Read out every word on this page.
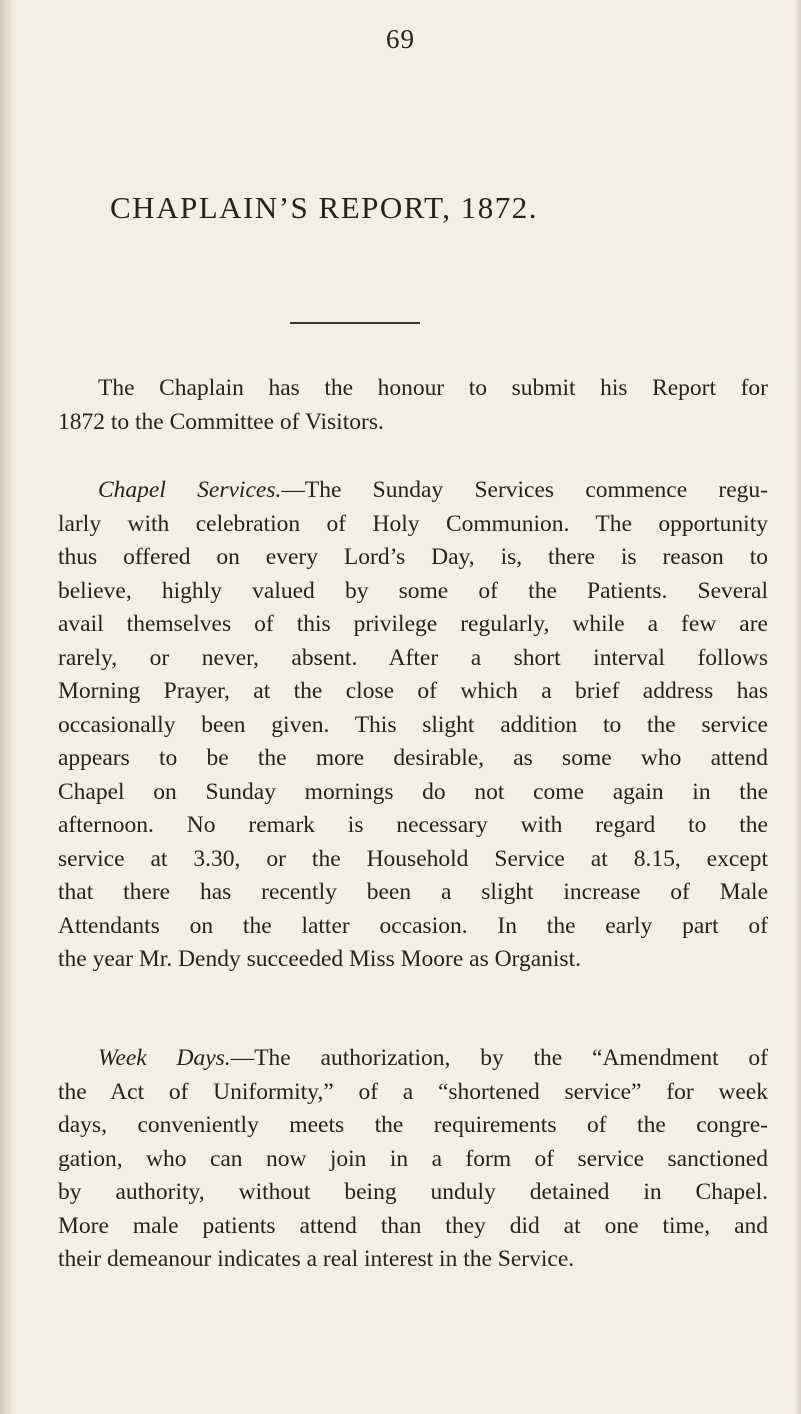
69
CHAPLAIN’S REPORT, 1872.
The Chaplain has the honour to submit his Report for
1872 to the Committee of Visitors.
Chapel Services.—The Sunday Services commence regu-
larly with celebration of Holy Communion. The opportunity
thus offered on every Lord’s Day, is, there is reason to
believe, highly valued by some of the Patients. Several
avail themselves of this privilege regularly, while a few are
rarely, or never, absent. After a short interval follows
Morning Prayer, at the close of which a brief address has
occasionally been given. This slight addition to the service
appears to be the more desirable, as some who attend
Chapel on Sunday mornings do not come again in the
afternoon. No remark is necessary with regard to the
service at 3.30, or the Household Service at 8.15, except
that there has recently been a slight increase of Male
Attendants on the latter occasion. In the early part of
the year Mr. Dendy succeeded Miss Moore as Organist.
Week Days.—The authorization, by the “Amendment of
the Act of Uniformity,” of a “shortened service” for week
days, conveniently meets the requirements of the congre-
gation, who can now join in a form of service sanctioned
by authority, without being unduly detained in Chapel.
More male patients attend than they did at one time, and
their demeanour indicates a real interest in the Service.
